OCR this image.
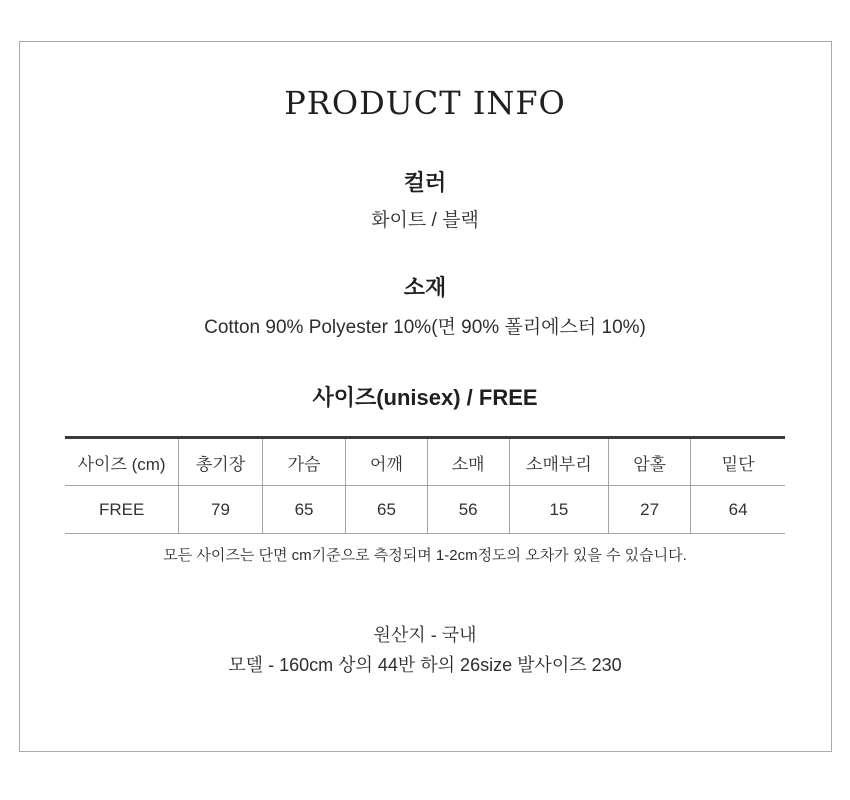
PRODUCT INFO
컬러

화이트 / 블랙

소재

Cotton 90% Polyester 10%(면 90% 폴리에스터 10%)

사이즈(unisex) / FREE
사이즈 (cm)	총기장	가슴	어깨	소매	소매부리	암홀	밑단
FREE	79	65	65	56	15	27	64

모든 사이즈는 단면 cm기준으로 측정되며 1-2cm정도의 오차가 있을 수 있습니다.

원산지 - 국내

모델 - 160cm 상의 44반 하의 26size 발사이즈 230
